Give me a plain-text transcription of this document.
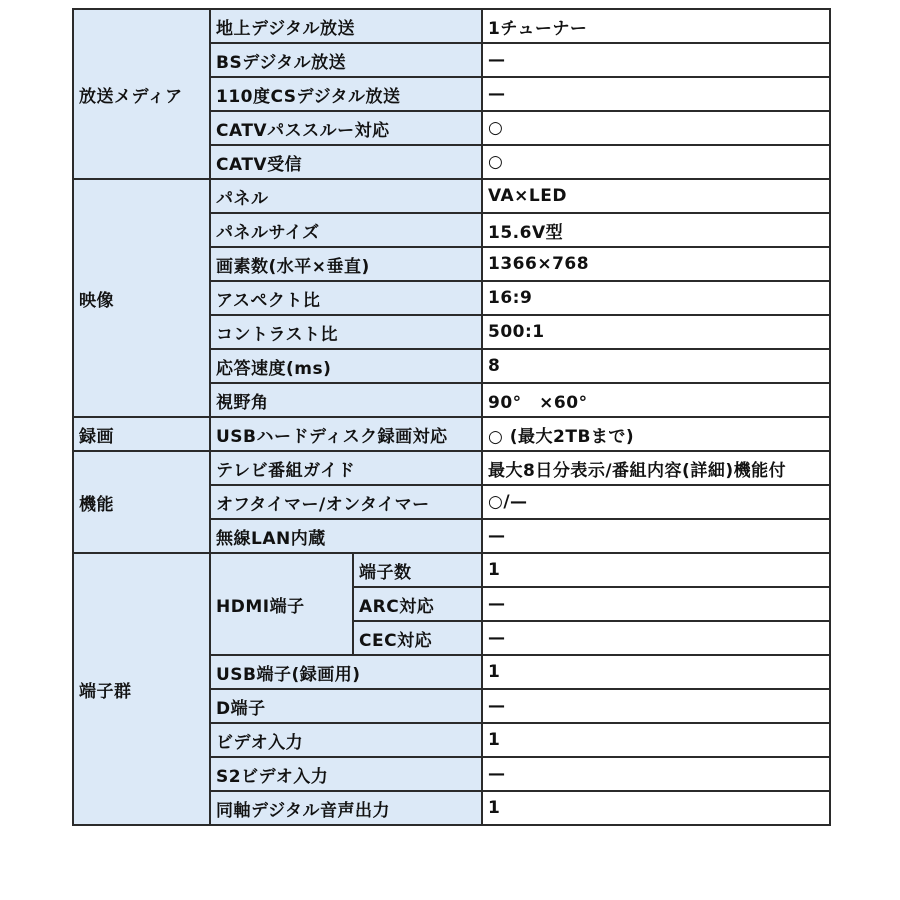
放送メディア	地上デジタル放送		1チューナー
	BSデジタル放送		—
	110度CSデジタル放送		—
	CATVパススルー対応		○
	CATV受信		○
映像	パネル		VA×LED
	パネルサイズ		15.6V型
	画素数(水平×垂直)		1366×768
	アスペクト比		16:9
	コントラスト比		500:1
	応答速度(ms)		8
	視野角		90°　×60°
録画	USBハードディスク録画対応		○ (最大2TBまで)
機能	テレビ番組ガイド		最大8日分表示/番組内容(詳細)機能付
	オフタイマー/オンタイマー		○/—
	無線LAN内蔵		—
端子群	HDMI端子	端子数	1
		ARC対応	—
		CEC対応	—
	USB端子(録画用)		1
	D端子		—
	ビデオ入力		1
	S2ビデオ入力		—
	同軸デジタル音声出力		1
